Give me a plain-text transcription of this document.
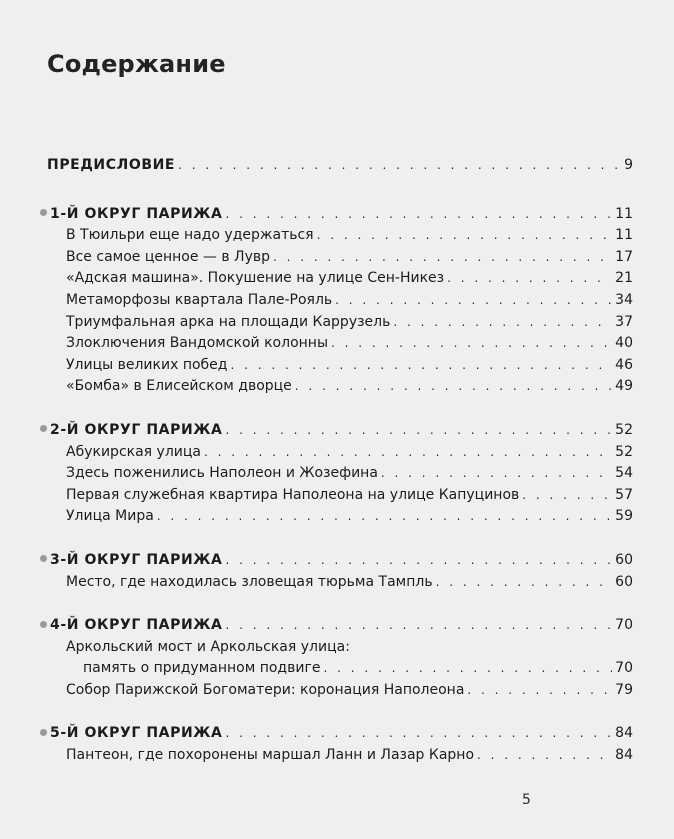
Содержание
ПРЕДИСЛОВИЕ . . .	9
1-Й ОКРУГ ПАРИЖА . . .	11
В Тюильри еще надо удержаться . . .	11
Все самое ценное — в Лувр . . .	17
«Адская машина». Покушение на улице Сен-Никез . . .	21
Метаморфозы квартала Пале-Рояль . . .	34
Триумфальная арка на площади Каррузель . . .	37
Злоключения Вандомской колонны . . .	40
Улицы великих побед . . .	46
«Бомба» в Елисейском дворце . . .	49
2-Й ОКРУГ ПАРИЖА . . .	52
Абукирская улица . . .	52
Здесь поженились Наполеон и Жозефина . . .	54
Первая служебная квартира Наполеона на улице Капуцинов . . .	57
Улица Мира . . .	59
3-Й ОКРУГ ПАРИЖА . . .	60
Место, где находилась зловещая тюрьма Тампль . . .	60
4-Й ОКРУГ ПАРИЖА . . .	70
Аркольский мост и Аркольская улица:
память о придуманном подвиге . . .	70
Собор Парижской Богоматери: коронация Наполеона . . .	79
5-Й ОКРУГ ПАРИЖА . . .	84
Пантеон, где похоронены маршал Ланн и Лазар Карно . . .	84
5
